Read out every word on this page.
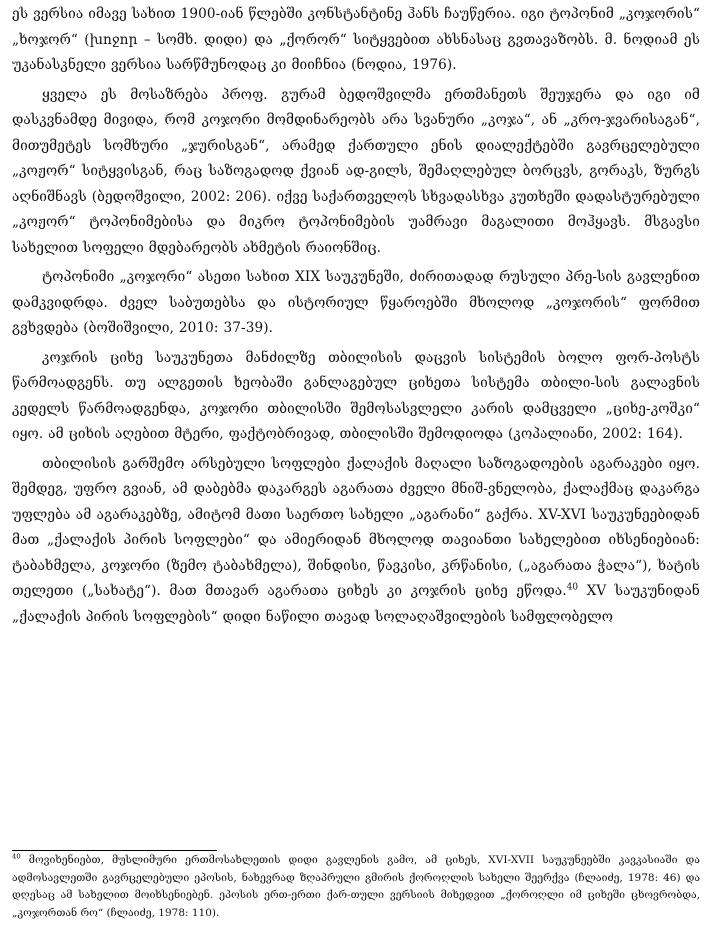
ეს ვერსია იმავე სახით 1900-იან წლებში კონსტანტინე ჰანს ჩაუწერია. იგი ტოპონიმ „კოჯორის“ „ხოჯორ“ (խոջոր – სომხ. დიდი) და „ქორორ“ სიტყვებით ახსნასაც გვთავაზობს. მ. ნოდიამ ეს უკანასკნელი ვერსია სარწმუნოდაც კი მიიჩნია (ნოდია, 1976).

ყველა ეს მოსაზრება პროფ. გურამ ბედოშვილმა ერთმანეთს შეუჯერა და იგი იმ დასკვნამდე მივიდა, რომ კოჯორი მომდინარეობს არა სვანური „კოჯა“, ან „კრო-ჯვარისაგან“, მითუმეტეს სომხური „ჯურისგან“, არამედ ქართული ენის დიალექტებში გავრცელებული „კოჟორ“ სიტყვისგან, რაც საზოგადოდ ქვიან ად-გილს, შემაღლებულ ბორცვს, გორაკს, ზურგს აღნიშნავს (ბედოშვილი, 2002: 206). იქვე საქართველოს სხვადასხვა კუთხეში დადასტურებული „კოჟორ“ ტოპონიმებისა და მიკრო ტოპონიმების უამრავი მაგალითი მოჰყავს. მსგავსი სახელით სოფელი მდებარეობს ახმეტის რაიონშიც.

ტოპონიმი „კოჯორი“ ასეთი სახით XIX საუკუნეში, ძირითადად რუსული პრე-სის გავლენით დამკვიდრდა. ძველ საბუთებსა და ისტორიულ წყაროებში მხოლოდ „კოჯორის“ ფორმით გვხვდება (ბოშიშვილი, 2010: 37-39).

კოჯრის ციხე საუკუნეთა მანძილზე თბილისის დაცვის სისტემის ბოლო ფორ-პოსტს წარმოადგენს. თუ ალგეთის ხეობაში განლაგებულ ციხეთა სისტემა თბილი-სის გალავნის კედელს წარმოადგენდა, კოჯორი თბილისში შემოსასვლელი კარის დამცველი „ციხე-კოშკი“ იყო. ამ ციხის აღებით მტერი, ფაქტობრივად, თბილისში შემოდიოდა (კოპალიანი, 2002: 164).

თბილისის გარშემო არსებული სოფლები ქალაქის მაღალი საზოგადოების აგარაკები იყო. შემდეგ, უფრო გვიან, ამ დაბებმა დაკარგეს აგარათა ძველი მნიშ-ვნელობა, ქალაქმაც დაკარგა უფლება ამ აგარაკებზე, ამიტომ მათი საერთო სახელი „აგარანი“ გაქრა. XV-XVI საუკუნეებიდან მათ „ქალაქის პირის სოფლები“ და ამიერიდან მხოლოდ თავიანთი სახელებით იხსენიებიან: ტაბახმელა, კოჯორი (ზემო ტაბახმელა), შინდისი, წავკისი, კრწანისი, („აგარათა ჭალა“), ხატის თელეთი („სახატე“). მათ მთავარ აგარათა ციხეს კი კოჯრის ციხე ეწოდა.$^{40}$ XV საუკუნიდან „ქალაქის პირის სოფლების“ დიდი ნაწილი თავად სოლაღაშვილების სამფლობელო

$^{40}$ მოვიხენიებთ, მუსლიმური ერთმოსახლეთის დიდი გავლენის გამო, ამ ციხეს, XVI-XVII საუკუნეებში კავკასიაში და ადმოსავლეთში გავრცელებული ეპოსის, ნახევრად ზღაპრული გმირის ქოროღლის სახელი შეერქვა (ჩლაიძე, 1978: 46) და დღესაც ამ სახელით მოიხსენიებენ. ეპოსის ერთ-ერთი ქარ-თული ვერსიის მიხედვით „ქოროღლი იმ ციხეში ცხოვრობდა, „კოჯორთან რო“ (ჩლაიძე, 1978: 110).
